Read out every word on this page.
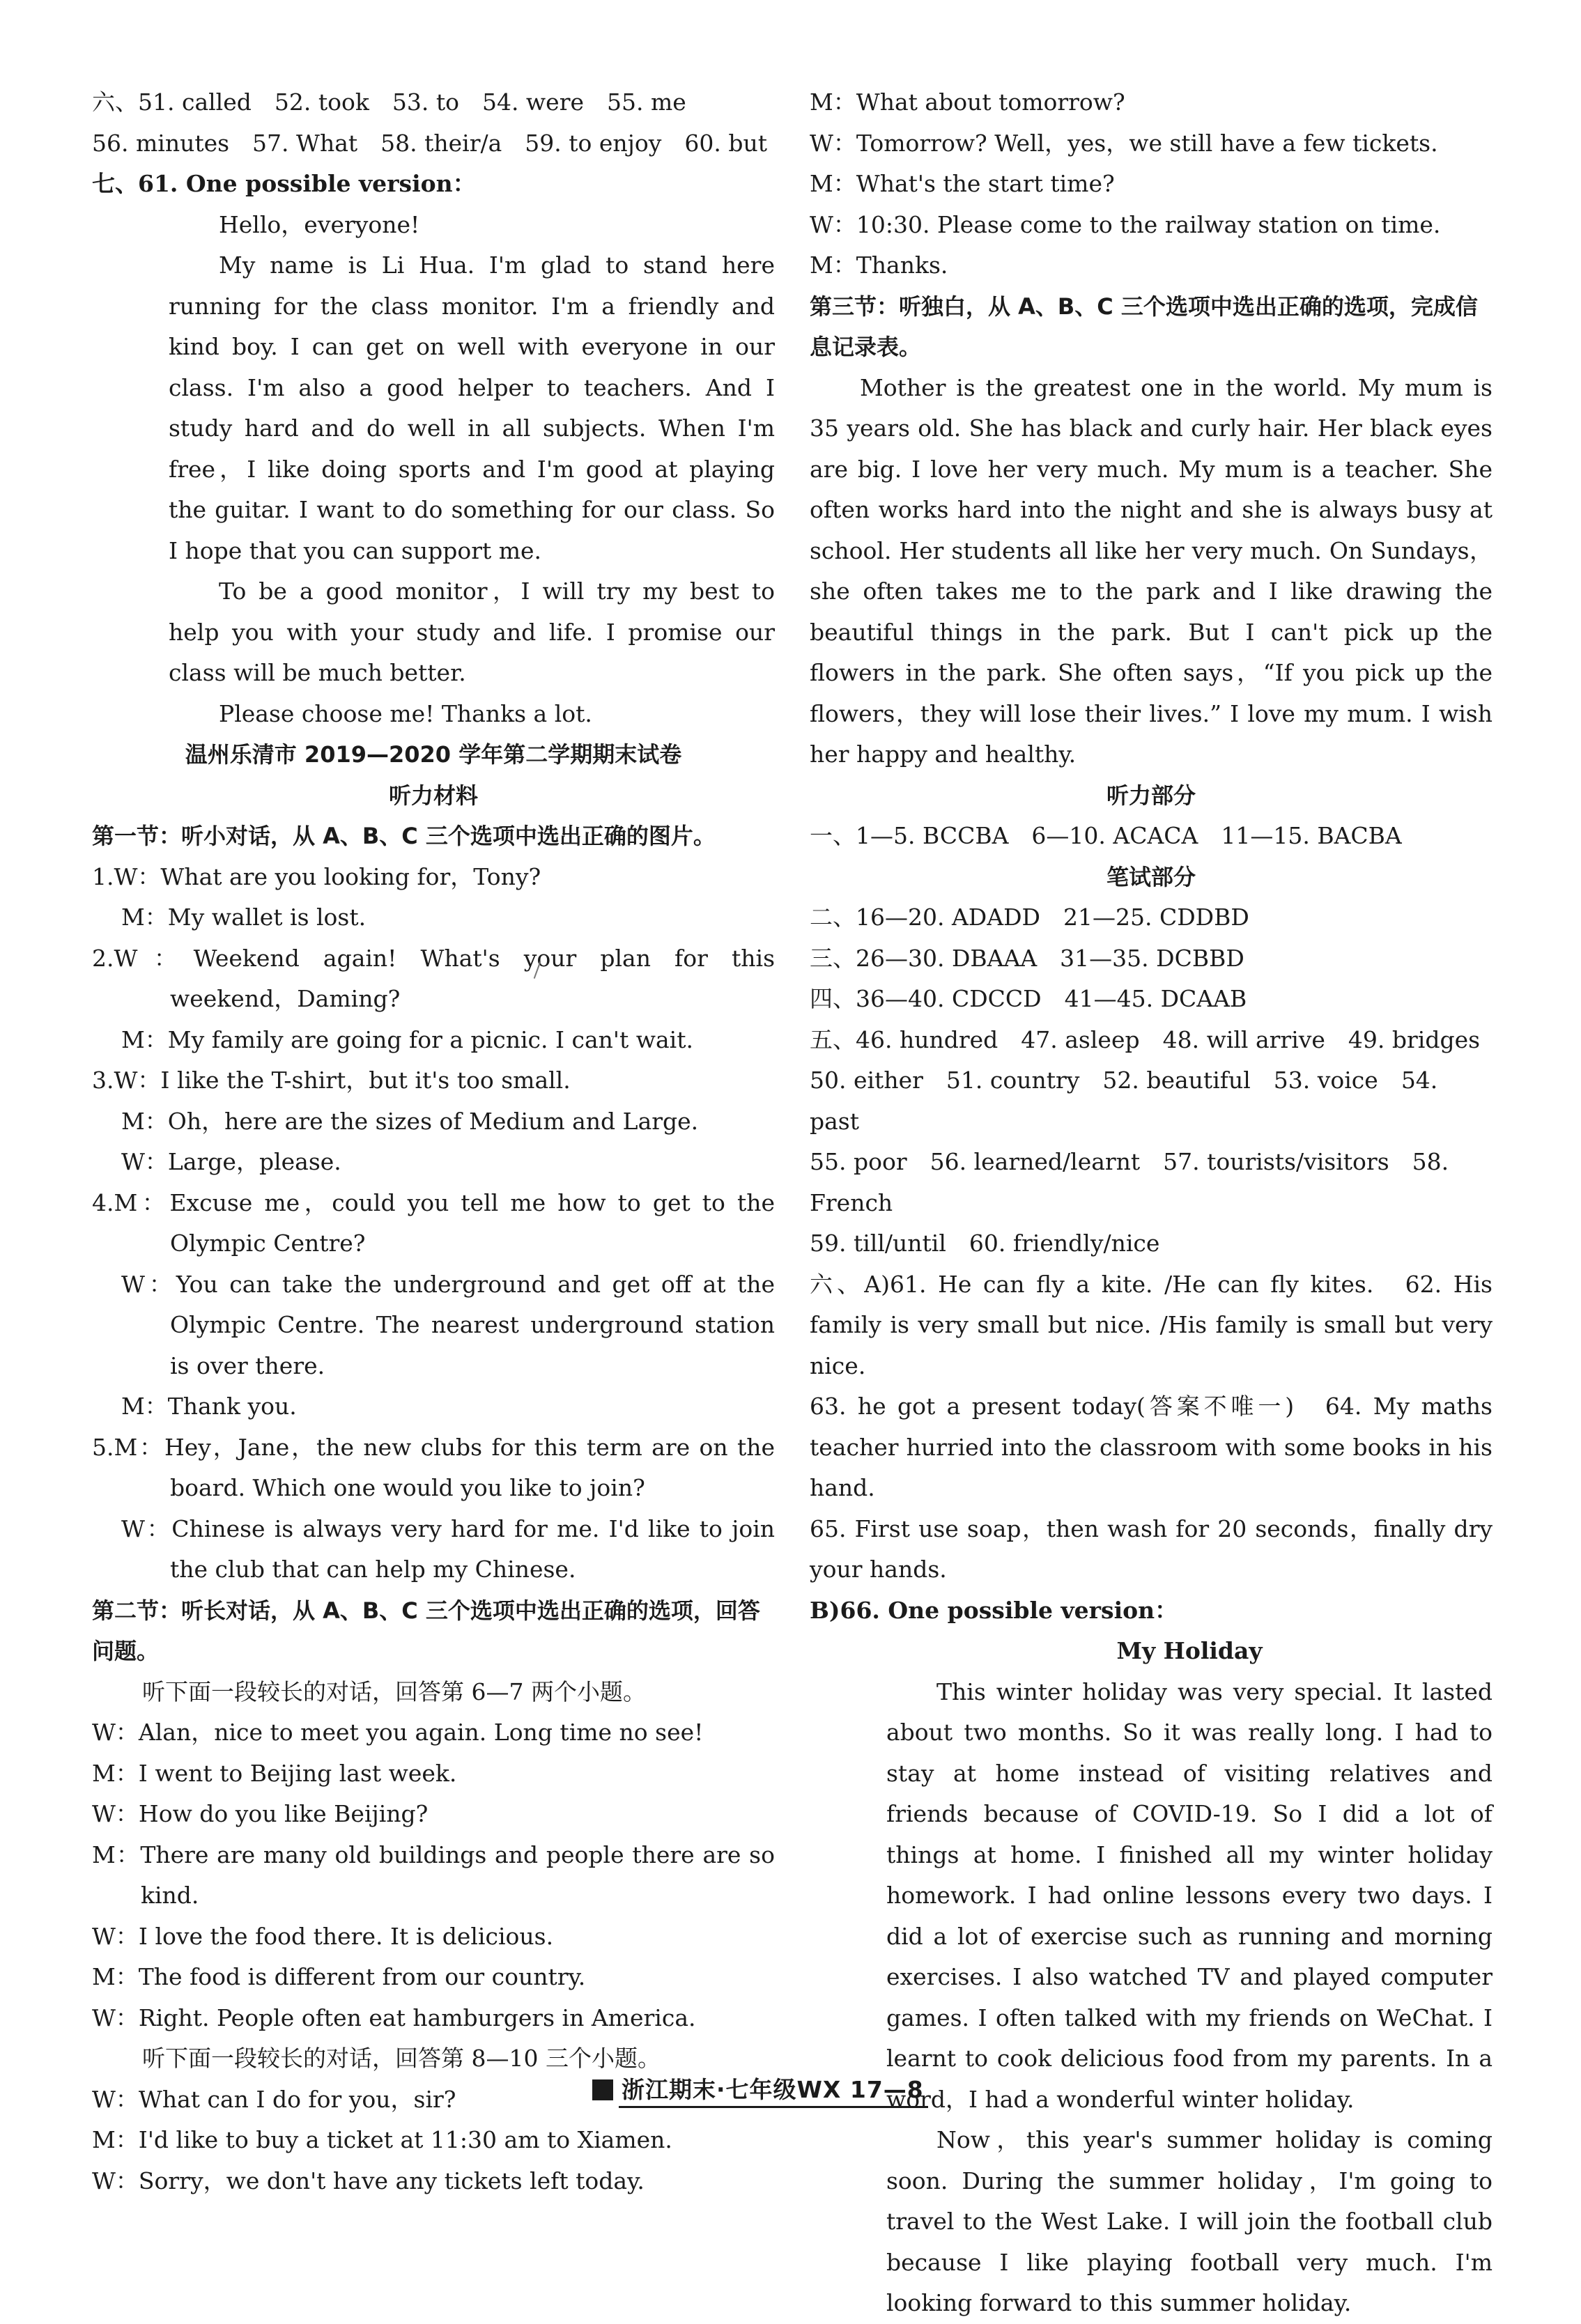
六、51. called　52. took　53. to　54. were　55. me

56. minutes　57. What　58. their/a　59. to enjoy　60. but

七、61. One possible version：

Hello，everyone!

My name is Li Hua. I'm glad to stand here running for the class monitor. I'm a friendly and kind boy. I can get on well with everyone in our class. I'm also a good helper to teachers. And I study hard and do well in all subjects. When I'm free，I like doing sports and I'm good at playing the guitar. I want to do something for our class. So I hope that you can support me.

To be a good monitor，I will try my best to help you with your study and life. I promise our class will be much better.

Please choose me! Thanks a lot.

温州乐清市 2019—2020 学年第二学期期末试卷

听力材料

第一节：听小对话，从 A、B、C 三个选项中选出正确的图片。

1.W：What are you looking for，Tony?

M：My wallet is lost.

2.W：Weekend again! What's your plan for this weekend，Daming?

M：My family are going for a picnic. I can't wait.

3.W：I like the T-shirt，but it's too small.

M：Oh，here are the sizes of Medium and Large.

W：Large，please.

4.M：Excuse me，could you tell me how to get to the Olympic Centre?

W：You can take the underground and get off at the Olympic Centre. The nearest underground station is over there.

M：Thank you.

5.M：Hey，Jane，the new clubs for this term are on the board. Which one would you like to join?

W：Chinese is always very hard for me. I'd like to join the club that can help my Chinese.

第二节：听长对话，从 A、B、C 三个选项中选出正确的选项，回答问题。

听下面一段较长的对话，回答第 6—7 两个小题。

W：Alan，nice to meet you again. Long time no see!

M：I went to Beijing last week.

W：How do you like Beijing?

M：There are many old buildings and people there are so kind.

W：I love the food there. It is delicious.

M：The food is different from our country.

W：Right. People often eat hamburgers in America.

听下面一段较长的对话，回答第 8—10 三个小题。

W：What can I do for you，sir?

M：I'd like to buy a ticket at 11:30 am to Xiamen.

W：Sorry，we don't have any tickets left today.

M：What about tomorrow?

W：Tomorrow? Well，yes，we still have a few tickets.

M：What's the start time?

W：10:30. Please come to the railway station on time.

M：Thanks.

第三节：听独白，从 A、B、C 三个选项中选出正确的选项，完成信息记录表。

Mother is the greatest one in the world. My mum is 35 years old. She has black and curly hair. Her black eyes are big. I love her very much. My mum is a teacher. She often works hard into the night and she is always busy at school. Her students all like her very much. On Sundays，she often takes me to the park and I like drawing the beautiful things in the park. But I can't pick up the flowers in the park. She often says，“If you pick up the flowers，they will lose their lives.” I love my mum. I wish her happy and healthy.

听力部分

一、1—5. BCCBA　6—10. ACACA　11—15. BACBA

笔试部分

二、16—20. ADADD　21—25. CDDBD

三、26—30. DBAAA　31—35. DCBBD

四、36—40. CDCCD　41—45. DCAAB

五、46. hundred　47. asleep　48. will arrive　49. bridges

50. either　51. country　52. beautiful　53. voice　54. past

55. poor　56. learned/learnt　57. tourists/visitors　58. French

59. till/until　60. friendly/nice

六、A)61. He can fly a kite. /He can fly kites.　62. His family is very small but nice. /His family is small but very nice.

63. he got a present today(答案不唯一)　64. My maths teacher hurried into the classroom with some books in his hand.

65. First use soap，then wash for 20 seconds，finally dry your hands.

B)66. One possible version：

My Holiday

This winter holiday was very special. It lasted about two months. So it was really long. I had to stay at home instead of visiting relatives and friends because of COVID-19. So I did a lot of things at home. I finished all my winter holiday homework. I had online lessons every two days. I did a lot of exercise such as running and morning exercises. I also watched TV and played computer games. I often talked with my friends on WeChat. I learnt to cook delicious food from my parents. In a word，I had a wonderful winter holiday.

Now，this year's summer holiday is coming soon. During the summer holiday，I'm going to travel to the West Lake. I will join the football club because I like playing football very much. I'm looking forward to this summer holiday.

浙江期末·七年级WX 17—8
